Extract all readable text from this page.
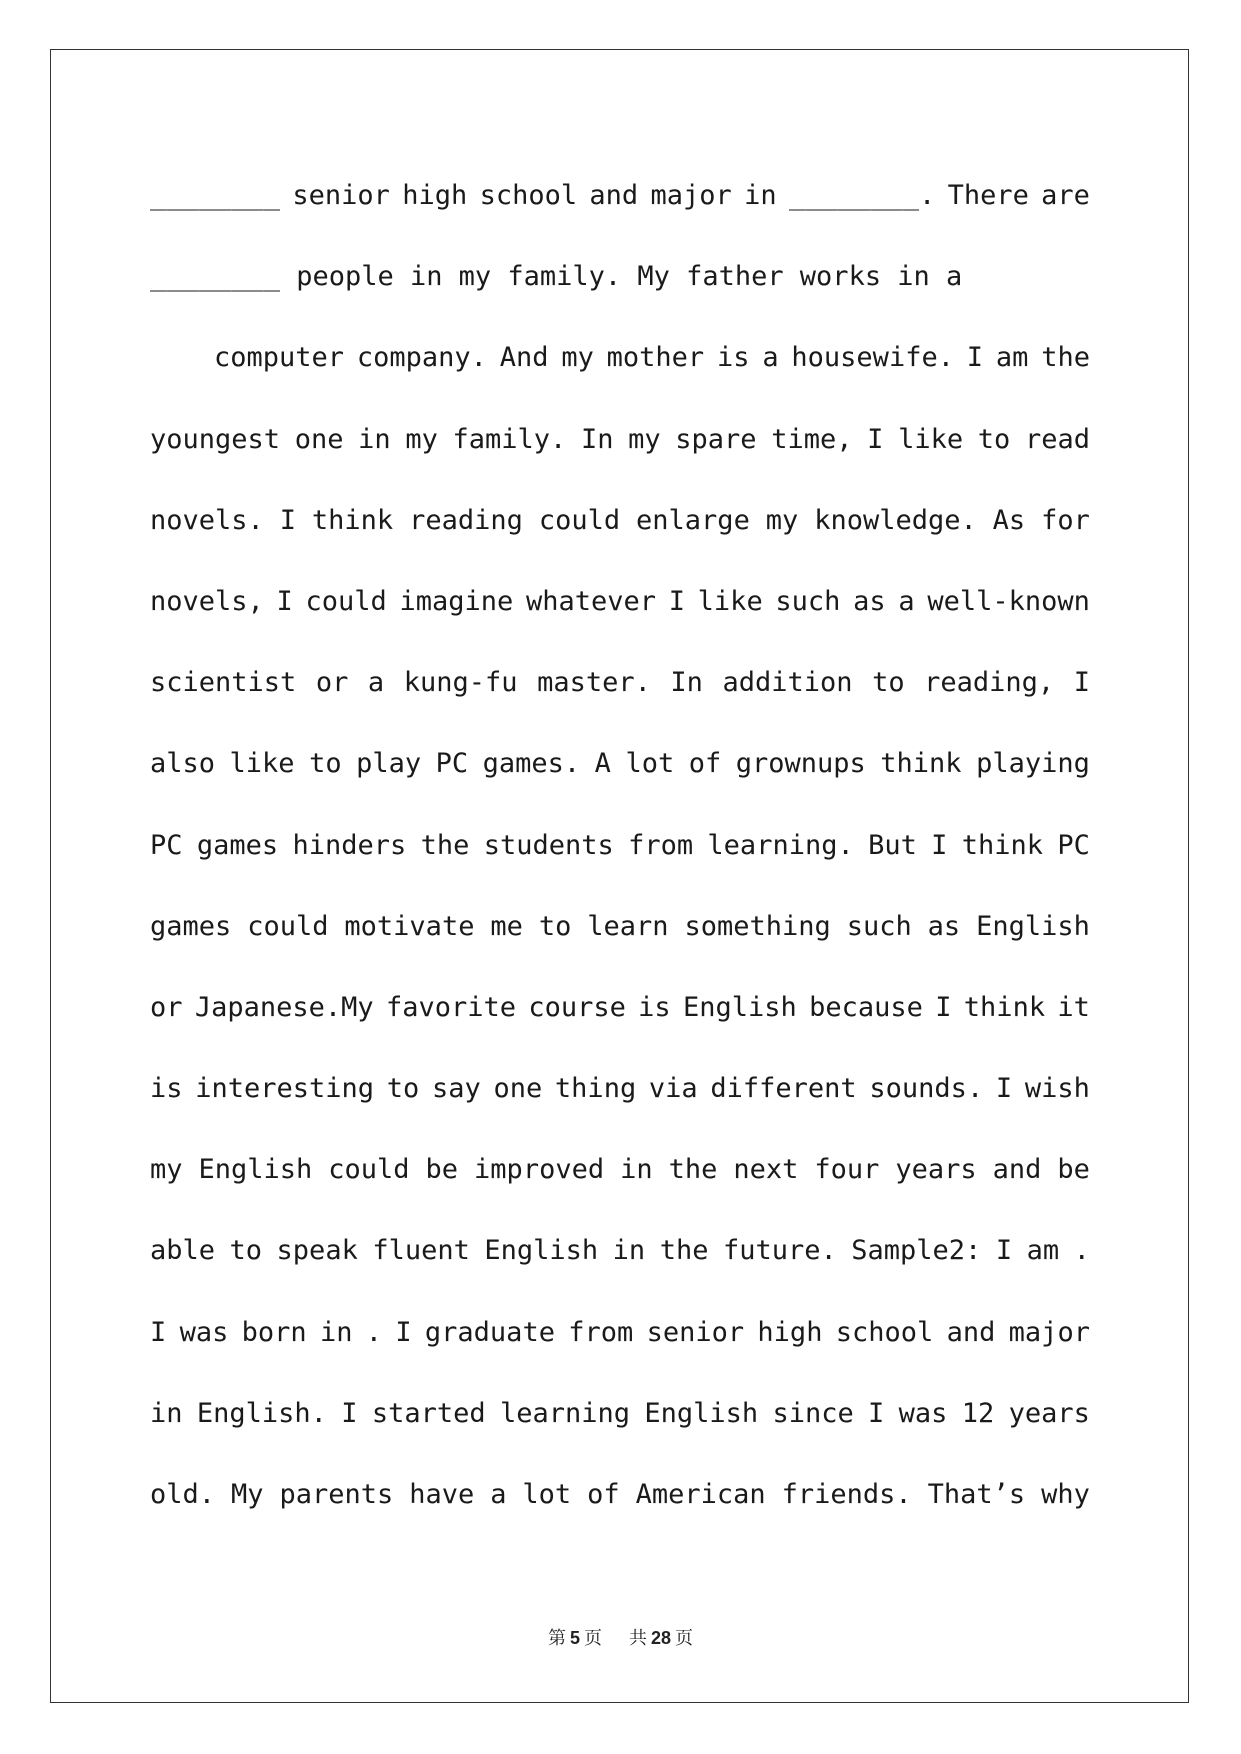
________ senior high school and major in ________. There are
________ people in my family. My father works in a
computer company. And my mother is a housewife. I am the
youngest one in my family. In my spare time, I like to read
novels. I think reading could enlarge my knowledge. As for
novels, I could imagine whatever I like such as a well-known
scientist or a kung-fu master. In addition to reading, I
also like to play PC games. A lot of grownups think playing
PC games hinders the students from learning. But I think PC
games could motivate me to learn something such as English
or Japanese.My favorite course is English because I think it
is interesting to say one thing via different sounds. I wish
my English could be improved in the next four years and be
able to speak fluent English in the future. Sample2: I am .
I was born in . I graduate from senior high school and major
in English. I started learning English since I was 12 years
old. My parents have a lot of American friends. That’s why
第 5 页 共 28 页
